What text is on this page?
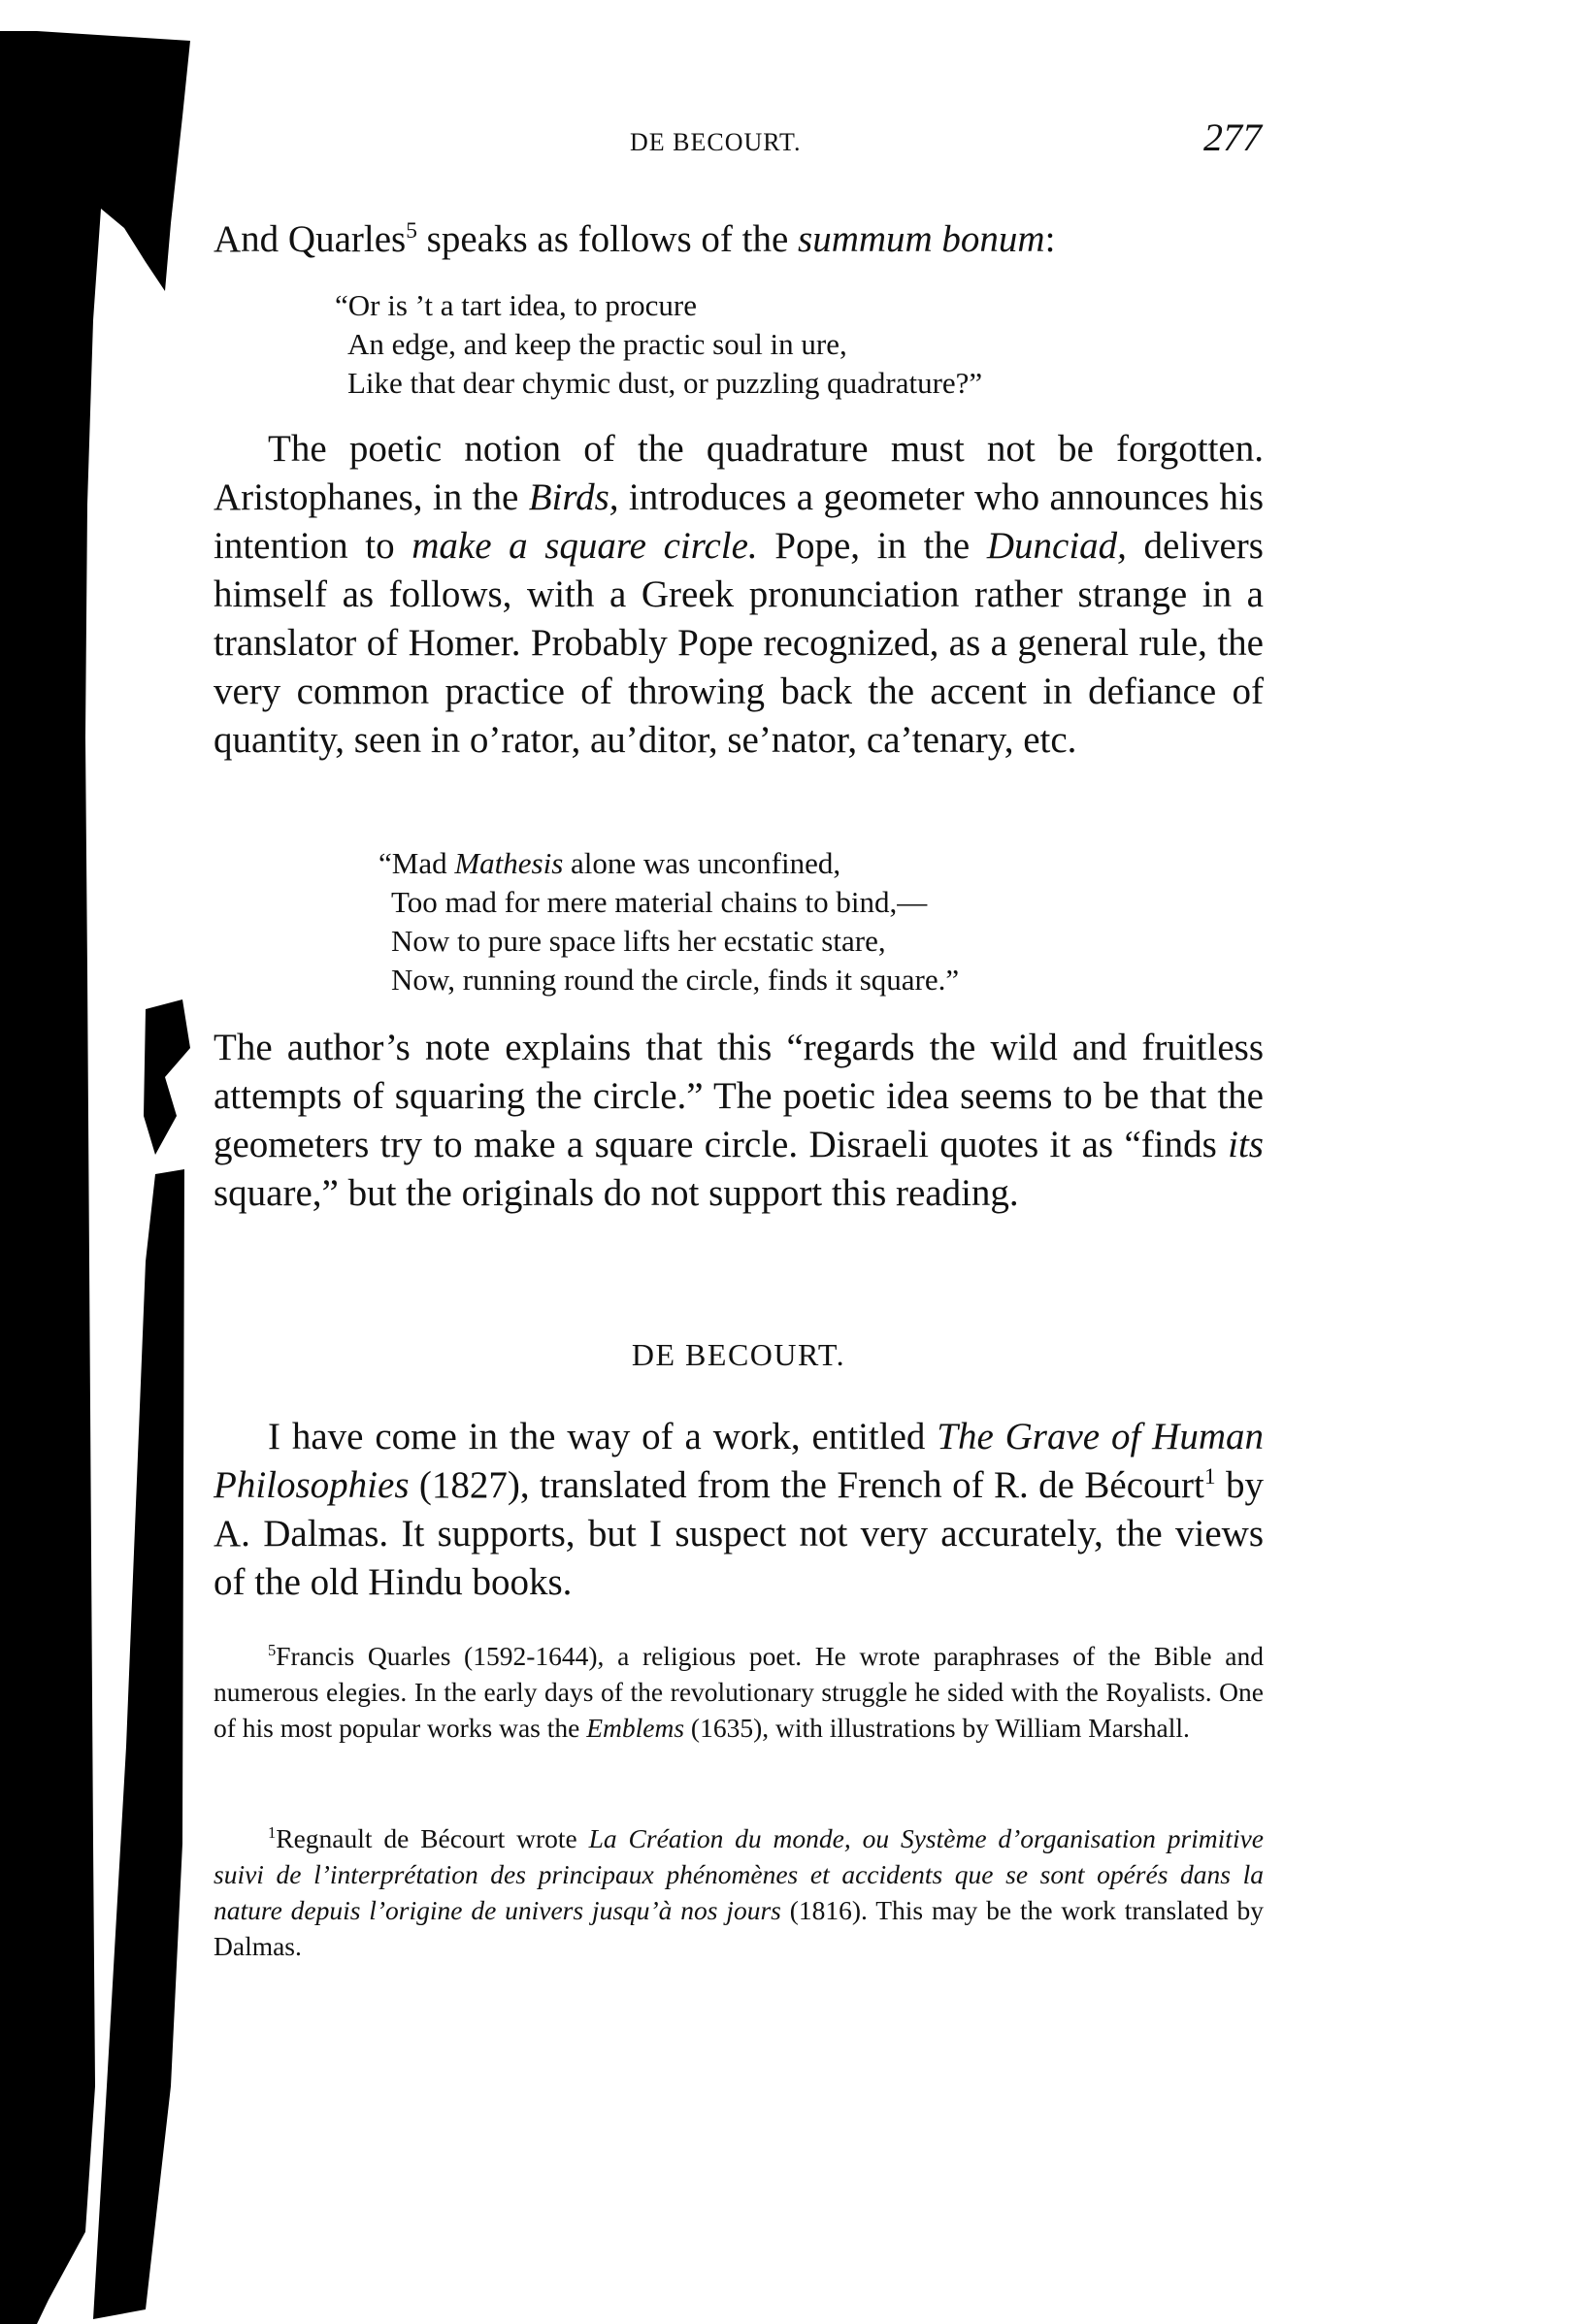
DE BECOURT.	277

And Quarles$^5$ speaks as follows of the summum bonum:

“Or is ’t a tart idea, to procure
An edge, and keep the practic soul in ure,
Like that dear chymic dust, or puzzling quadrature?”

The poetic notion of the quadrature must not be forgotten. Aristophanes, in the Birds, introduces a geometer who announces his intention to make a square circle. Pope, in the Dunciad, delivers himself as follows, with a Greek pronunciation rather strange in a translator of Homer. Probably Pope recognized, as a general rule, the very common practice of throwing back the accent in defiance of quantity, seen in o’rator, au’ditor, se’nator, ca’tenary, etc.

“Mad Mathesis alone was unconfined,
Too mad for mere material chains to bind,—
Now to pure space lifts her ecstatic stare,
Now, running round the circle, finds it square.”

The author’s note explains that this “regards the wild and fruitless attempts of squaring the circle.” The poetic idea seems to be that the geometers try to make a square circle. Disraeli quotes it as “finds its square,” but the originals do not support this reading.

DE BECOURT.

I have come in the way of a work, entitled The Grave of Human Philosophies (1827), translated from the French of R. de Bécourt$^1$ by A. Dalmas. It supports, but I suspect not very accurately, the views of the old Hindu books.

$^5$Francis Quarles (1592-1644), a religious poet. He wrote paraphrases of the Bible and numerous elegies. In the early days of the revolutionary struggle he sided with the Royalists. One of his most popular works was the Emblems (1635), with illustrations by William Marshall.

$^1$Regnault de Bécourt wrote La Création du monde, ou Système d’organisation primitive suivi de l’interprétation des principaux phénomènes et accidents que se sont opérés dans la nature depuis l’origine de univers jusqu’à nos jours (1816). This may be the work translated by Dalmas.
